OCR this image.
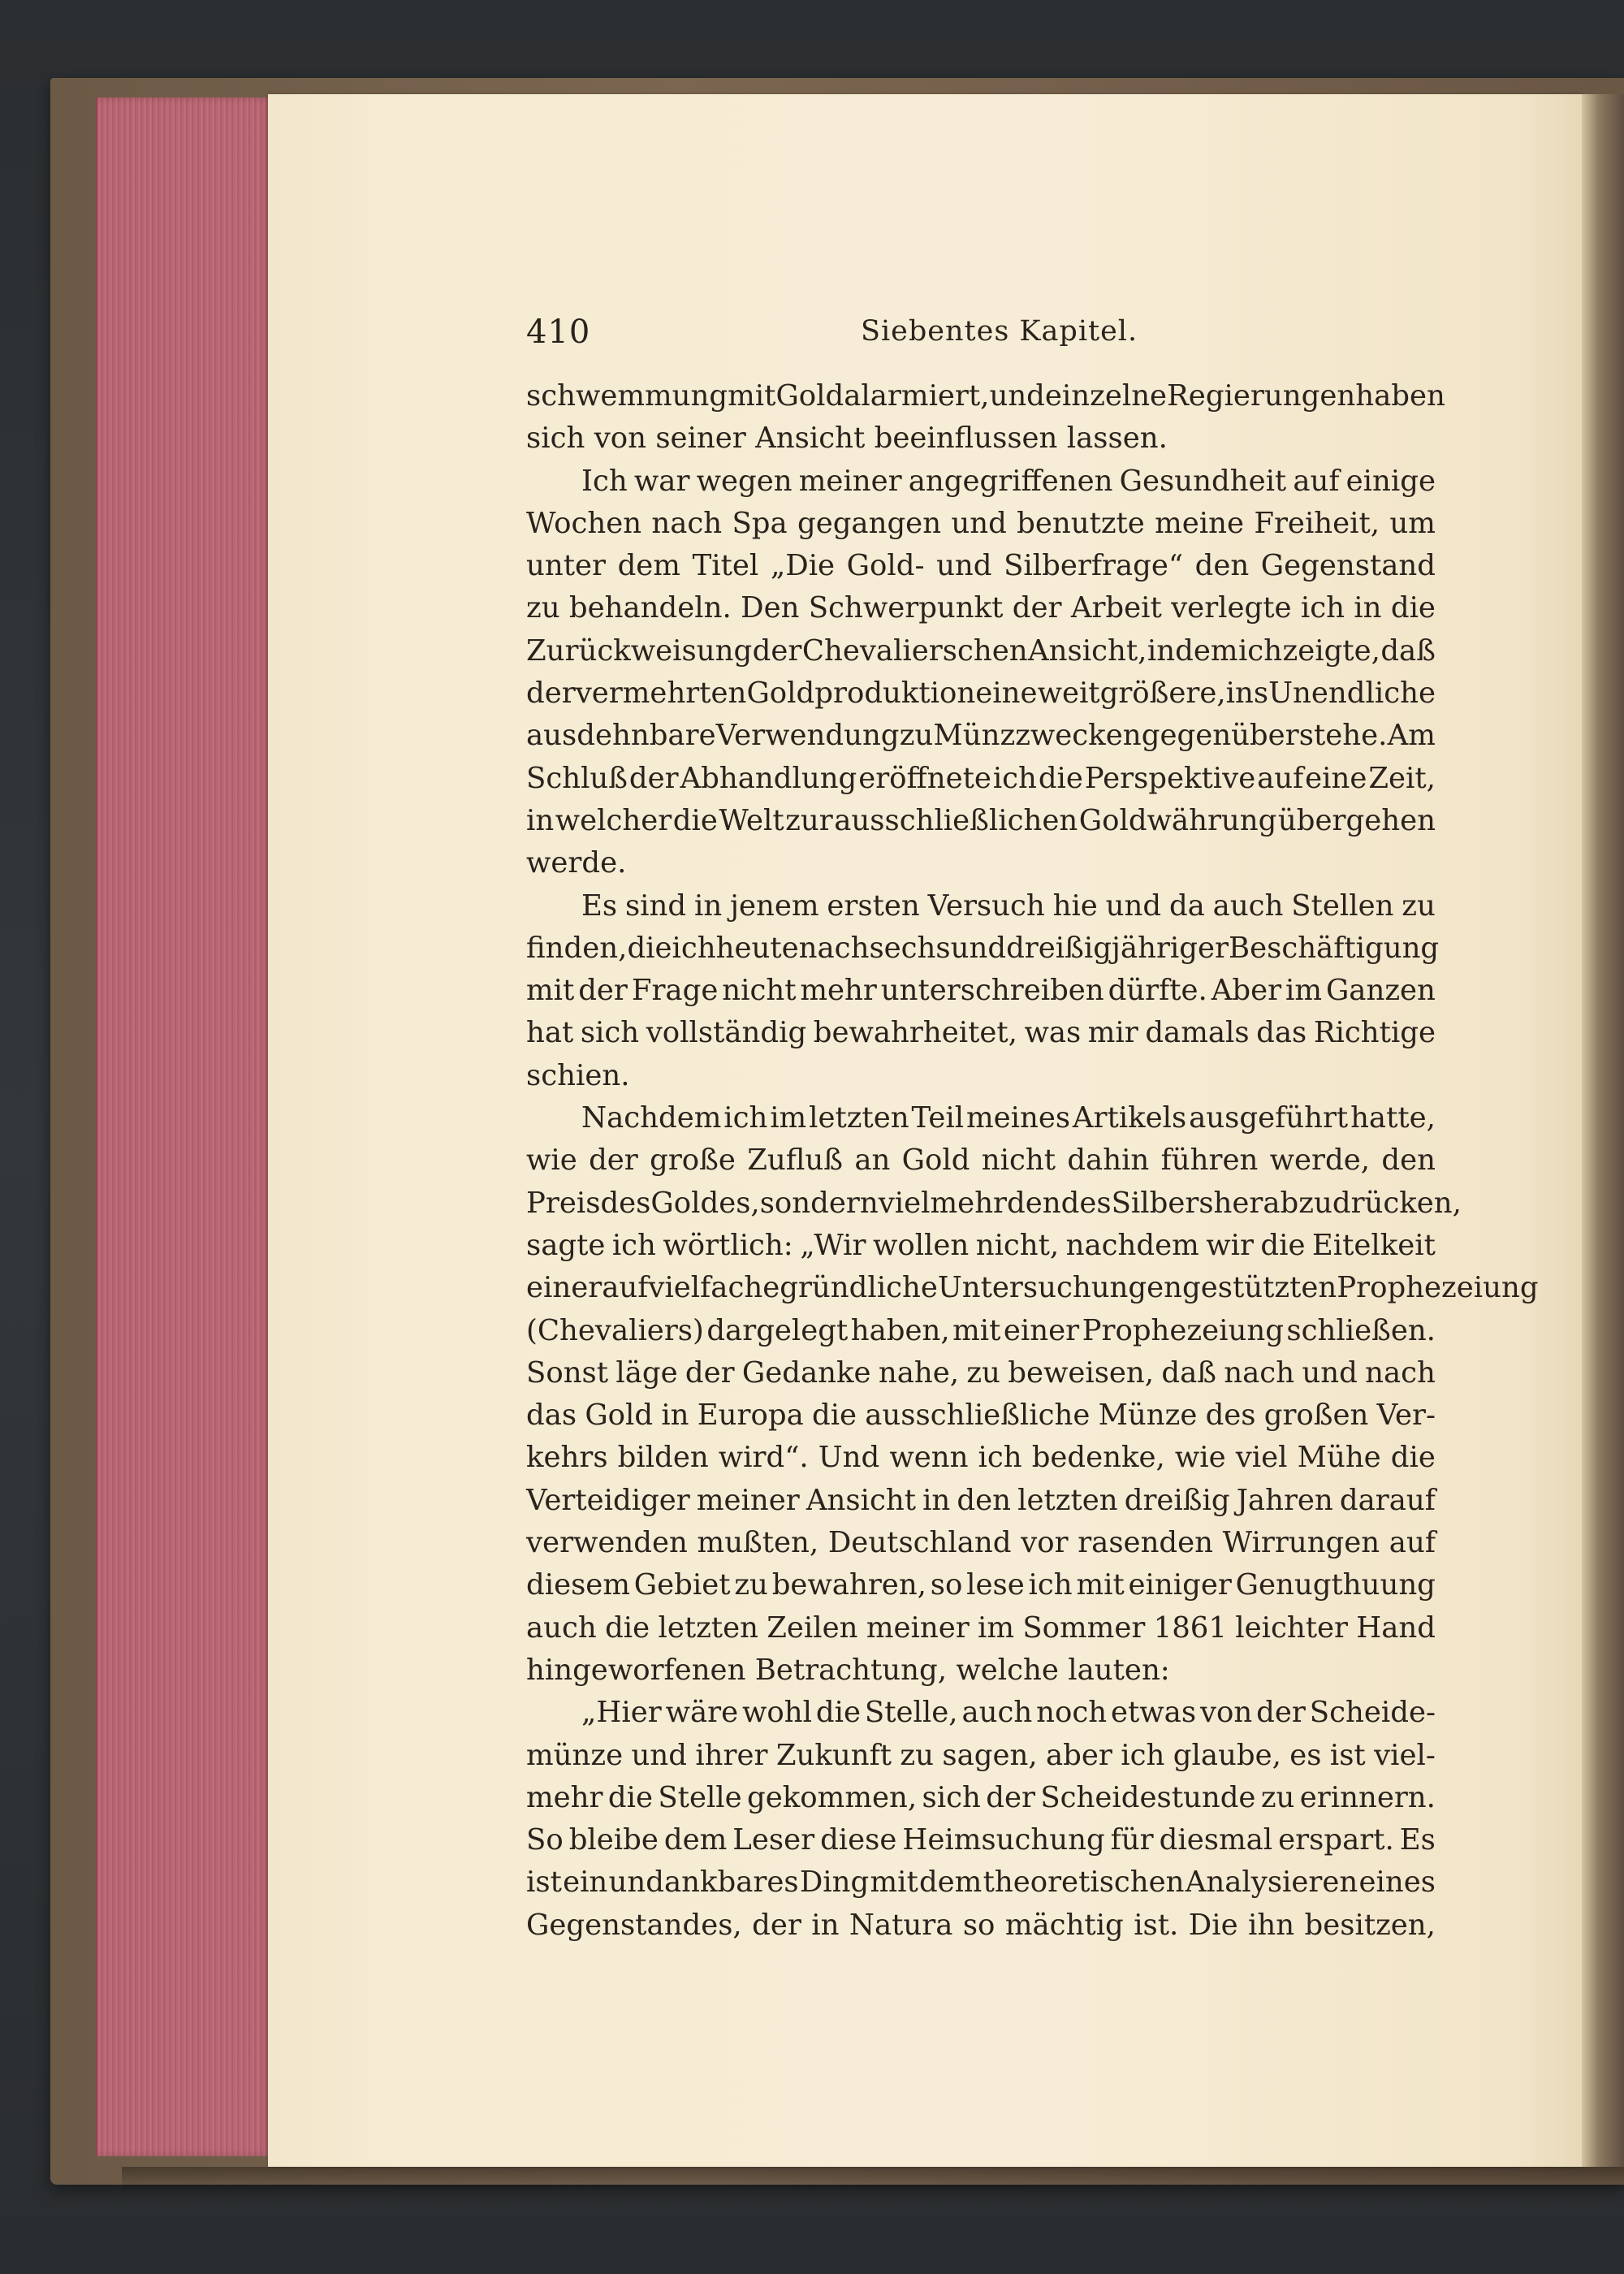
410	Siebentes Kapitel.
schwemmung mit Gold alarmiert, und einzelne Regierungen haben
sich von seiner Ansicht beeinflussen lassen.
Ich war wegen meiner angegriffenen Gesundheit auf einige
Wochen nach Spa gegangen und benutzte meine Freiheit, um
unter dem Titel „Die Gold- und Silberfrage“ den Gegenstand
zu behandeln. Den Schwerpunkt der Arbeit verlegte ich in die
Zurückweisung der Chevalierschen Ansicht, indem ich zeigte, daß
der vermehrten Goldproduktion eine weit größere, ins Unendliche
ausdehnbare Verwendung zu Münzzwecken gegenüber stehe. Am
Schluß der Abhandlung eröffnete ich die Perspektive auf eine Zeit,
in welcher die Welt zur ausschließlichen Goldwährung übergehen
werde.
Es sind in jenem ersten Versuch hie und da auch Stellen zu
finden, die ich heute nach sechsunddreißigjähriger Beschäftigung
mit der Frage nicht mehr unterschreiben dürfte. Aber im Ganzen
hat sich vollständig bewahrheitet, was mir damals das Richtige
schien.
Nachdem ich im letzten Teil meines Artikels ausgeführt hatte,
wie der große Zufluß an Gold nicht dahin führen werde, den
Preis des Goldes, sondern vielmehr den des Silbers herabzudrücken,
sagte ich wörtlich: „Wir wollen nicht, nachdem wir die Eitelkeit
einer auf vielfache gründliche Untersuchungen gestützten Prophezeiung
(Chevaliers) dargelegt haben, mit einer Prophezeiung schließen.
Sonst läge der Gedanke nahe, zu beweisen, daß nach und nach
das Gold in Europa die ausschließliche Münze des großen Ver-
kehrs bilden wird“. Und wenn ich bedenke, wie viel Mühe die
Verteidiger meiner Ansicht in den letzten dreißig Jahren darauf
verwenden mußten, Deutschland vor rasenden Wirrungen auf
diesem Gebiet zu bewahren, so lese ich mit einiger Genugthuung
auch die letzten Zeilen meiner im Sommer 1861 leichter Hand
hingeworfenen Betrachtung, welche lauten:
„Hier wäre wohl die Stelle, auch noch etwas von der Scheide-
münze und ihrer Zukunft zu sagen, aber ich glaube, es ist viel-
mehr die Stelle gekommen, sich der Scheidestunde zu erinnern.
So bleibe dem Leser diese Heimsuchung für diesmal erspart. Es
ist ein undankbares Ding mit dem theoretischen Analysieren eines
Gegenstandes, der in Natura so mächtig ist. Die ihn besitzen,
